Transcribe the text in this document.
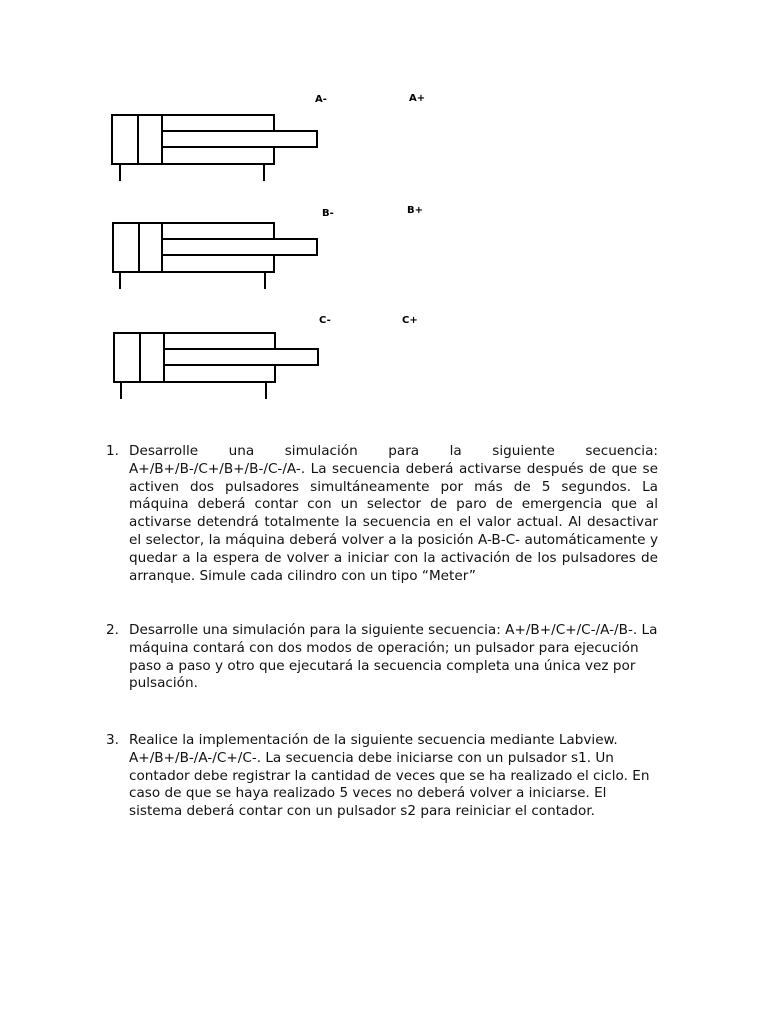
A-	A+
B-	B+
C-	C+
1. Desarrolle una simulación para la siguiente secuencia: A+/B+/B-/C+/B+/B-/C-/A-. La secuencia deberá activarse después de que se activen dos pulsadores simultáneamente por más de 5 segundos. La máquina deberá contar con un selector de paro de emergencia que al activarse detendrá totalmente la secuencia en el valor actual. Al desactivar el selector, la máquina deberá volver a la posición A-B-C- automáticamente y quedar a la espera de volver a iniciar con la activación de los pulsadores de arranque. Simule cada cilindro con un tipo “Meter”
2. Desarrolle una simulación para la siguiente secuencia: A+/B+/C+/C-/A-/B-. La máquina contará con dos modos de operación; un pulsador para ejecución paso a paso y otro que ejecutará la secuencia completa una única vez por pulsación.
3. Realice la implementación de la siguiente secuencia mediante Labview. A+/B+/B-/A-/C+/C-. La secuencia debe iniciarse con un pulsador s1. Un contador debe registrar la cantidad de veces que se ha realizado el ciclo. En caso de que se haya realizado 5 veces no deberá volver a iniciarse. El sistema deberá contar con un pulsador s2 para reiniciar el contador.
